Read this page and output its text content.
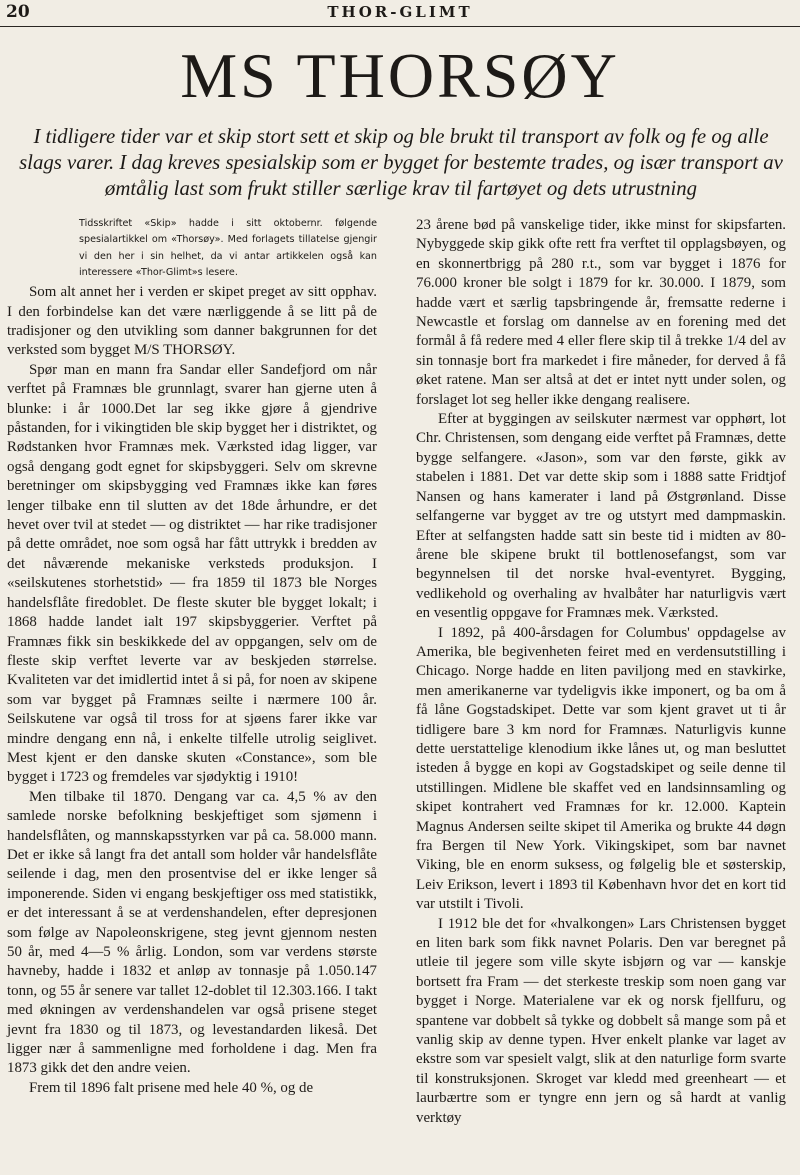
20	THOR-GLIMT
MS THORSØY

I tidligere tider var et skip stort sett et skip og ble brukt til transport av folk og fe og alle slags varer. I dag kreves spesialskip som er bygget for bestemte trades, og især transport av ømtålig last som frukt stiller særlige krav til fartøyet og dets utrustning

Tidsskriftet «Skip» hadde i sitt oktobernr. følgende spesialartikkel om «Thorsøy». Med forlagets tillatelse gjengir vi den her i sin helhet, da vi antar artikkelen også kan interessere «Thor-Glimt»s lesere.

Som alt annet her i verden er skipet preget av sitt opphav. I den forbindelse kan det være nærliggende å se litt på de tradisjoner og den utvikling som danner bakgrunnen for det verksted som bygget M/S THORSØY.

Spør man en mann fra Sandar eller Sandefjord om når verftet på Framnæs ble grunnlagt, svarer han gjerne uten å blunke: i år 1000.Det lar seg ikke gjøre å gjendrive påstanden, for i vikingtiden ble skip bygget her i distriktet, og Rødstanken hvor Framnæs mek. Værksted idag ligger, var også dengang godt egnet for skipsbyggeri. Selv om skrevne beretninger om skipsbygging ved Framnæs ikke kan føres lenger tilbake enn til slutten av det 18de århundre, er det hevet over tvil at stedet — og distriktet — har rike tradisjoner på dette området, noe som også har fått uttrykk i bredden av det nåværende mekaniske verksteds produksjon. I «seilskutenes storhetstid» — fra 1859 til 1873 ble Norges handelsflåte firedoblet. De fleste skuter ble bygget lokalt; i 1868 hadde landet ialt 197 skipsbyggerier. Verftet på Framnæs fikk sin beskikkede del av oppgangen, selv om de fleste skip verftet leverte var av beskjeden størrelse. Kvaliteten var det imidlertid intet å si på, for noen av skipene som var bygget på Framnæs seilte i nærmere 100 år. Seilskutene var også til tross for at sjøens farer ikke var mindre dengang enn nå, i enkelte tilfelle utrolig seiglivet. Mest kjent er den danske skuten «Constance», som ble bygget i 1723 og fremdeles var sjødyktig i 1910!

Men tilbake til 1870. Dengang var ca. 4,5 % av den samlede norske befolkning beskjeftiget som sjømenn i handelsflåten, og mannskapsstyrken var på ca. 58.000 mann. Det er ikke så langt fra det antall som holder vår handelsflåte seilende i dag, men den prosentvise del er ikke lenger så imponerende. Siden vi engang beskjeftiger oss med statistikk, er det interessant å se at verdenshandelen, efter depresjonen som følge av Napoleonskrigene, steg jevnt gjennom nesten 50 år, med 4—5 % årlig. London, som var verdens største havneby, hadde i 1832 et anløp av tonnasje på 1.050.147 tonn, og 55 år senere var tallet 12-doblet til 12.303.166. I takt med økningen av verdenshandelen var også prisene steget jevnt fra 1830 og til 1873, og levestandarden likeså. Det ligger nær å sammenligne med forholdene i dag. Men fra 1873 gikk det den andre veien.

Frem til 1896 falt prisene med hele 40 %, og de

23 årene bød på vanskelige tider, ikke minst for skipsfarten. Nybyggede skip gikk ofte rett fra verftet til opplagsbøyen, og en skonnertbrigg på 280 r.t., som var bygget i 1876 for 76.000 kroner ble solgt i 1879 for kr. 30.000. I 1879, som hadde vært et særlig tapsbringende år, fremsatte rederne i Newcastle et forslag om dannelse av en forening med det formål å få redere med 4 eller flere skip til å trekke 1/4 del av sin tonnasje bort fra markedet i fire måneder, for derved å få øket ratene. Man ser altså at det er intet nytt under solen, og forslaget lot seg heller ikke dengang realisere.

Efter at byggingen av seilskuter nærmest var opphørt, lot Chr. Christensen, som dengang eide verftet på Framnæs, dette bygge selfangere. «Jason», som var den første, gikk av stabelen i 1881. Det var dette skip som i 1888 satte Fridtjof Nansen og hans kamerater i land på Østgrønland. Disse selfangerne var bygget av tre og utstyrt med dampmaskin. Efter at selfangsten hadde satt sin beste tid i midten av 80-årene ble skipene brukt til bottlenosefangst, som var begynnelsen til det norske hval-eventyret. Bygging, vedlikehold og overhaling av hvalbåter har naturligvis vært en vesentlig oppgave for Framnæs mek. Værksted.

I 1892, på 400-årsdagen for Columbus' oppdagelse av Amerika, ble begivenheten feiret med en verdensutstilling i Chicago. Norge hadde en liten paviljong med en stavkirke, men amerikanerne var tydeligvis ikke imponert, og ba om å få låne Gogstadskipet. Dette var som kjent gravet ut ti år tidligere bare 3 km nord for Framnæs. Naturligvis kunne dette uerstattelige klenodium ikke lånes ut, og man besluttet isteden å bygge en kopi av Gogstadskipet og seile denne til utstillingen. Midlene ble skaffet ved en landsinnsamling og skipet kontrahert ved Framnæs for kr. 12.000. Kaptein Magnus Andersen seilte skipet til Amerika og brukte 44 døgn fra Bergen til New York. Vikingskipet, som bar navnet Viking, ble en enorm suksess, og følgelig ble et søsterskip, Leiv Erikson, levert i 1893 til København hvor det en kort tid var utstilt i Tivoli.

I 1912 ble det for «hvalkongen» Lars Christensen bygget en liten bark som fikk navnet Polaris. Den var beregnet på utleie til jegere som ville skyte isbjørn og var — kanskje bortsett fra Fram — det sterkeste treskip som noen gang var bygget i Norge. Materialene var ek og norsk fjellfuru, og spantene var dobbelt så tykke og dobbelt så mange som på et vanlig skip av denne typen. Hver enkelt planke var laget av ekstre som var spesielt valgt, slik at den naturlige form svarte til konstruksjonen. Skroget var kledd med greenheart — et laurbærtre som er tyngre enn jern og så hardt at vanlig verktøy
